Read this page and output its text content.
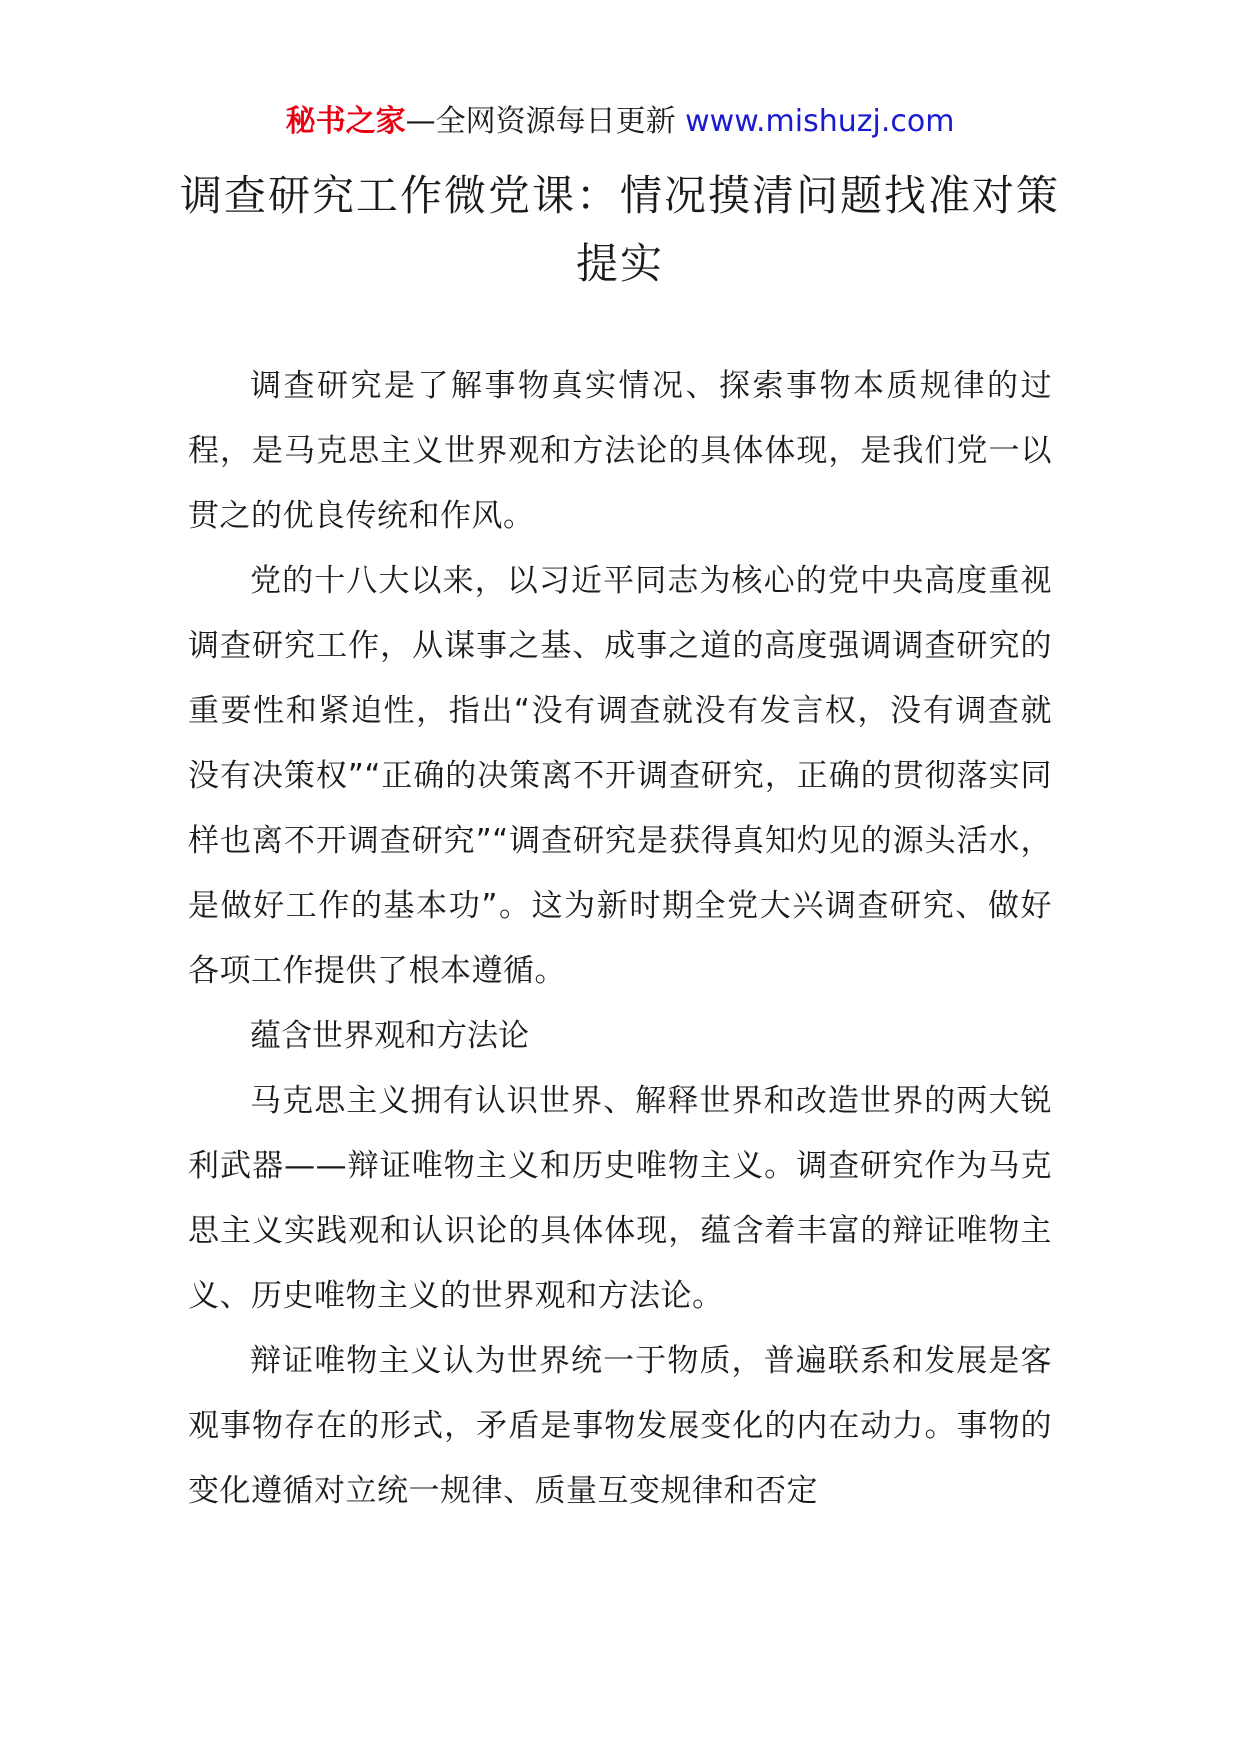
秘书之家—全网资源每日更新 www.mishuzj.com
调查研究工作微党课：情况摸清问题找准对策提实

调查研究是了解事物真实情况、探索事物本质规律的过程，是马克思主义世界观和方法论的具体体现，是我们党一以贯之的优良传统和作风。

党的十八大以来，以习近平同志为核心的党中央高度重视调查研究工作，从谋事之基、成事之道的高度强调调查研究的重要性和紧迫性，指出“没有调查就没有发言权，没有调查就没有决策权”“正确的决策离不开调查研究，正确的贯彻落实同样也离不开调查研究”“调查研究是获得真知灼见的源头活水，是做好工作的基本功”。这为新时期全党大兴调查研究、做好各项工作提供了根本遵循。

蕴含世界观和方法论

马克思主义拥有认识世界、解释世界和改造世界的两大锐利武器——辩证唯物主义和历史唯物主义。调查研究作为马克思主义实践观和认识论的具体体现，蕴含着丰富的辩证唯物主义、历史唯物主义的世界观和方法论。

辩证唯物主义认为世界统一于物质，普遍联系和发展是客观事物存在的形式，矛盾是事物发展变化的内在动力。事物的变化遵循对立统一规律、质量互变规律和否定
